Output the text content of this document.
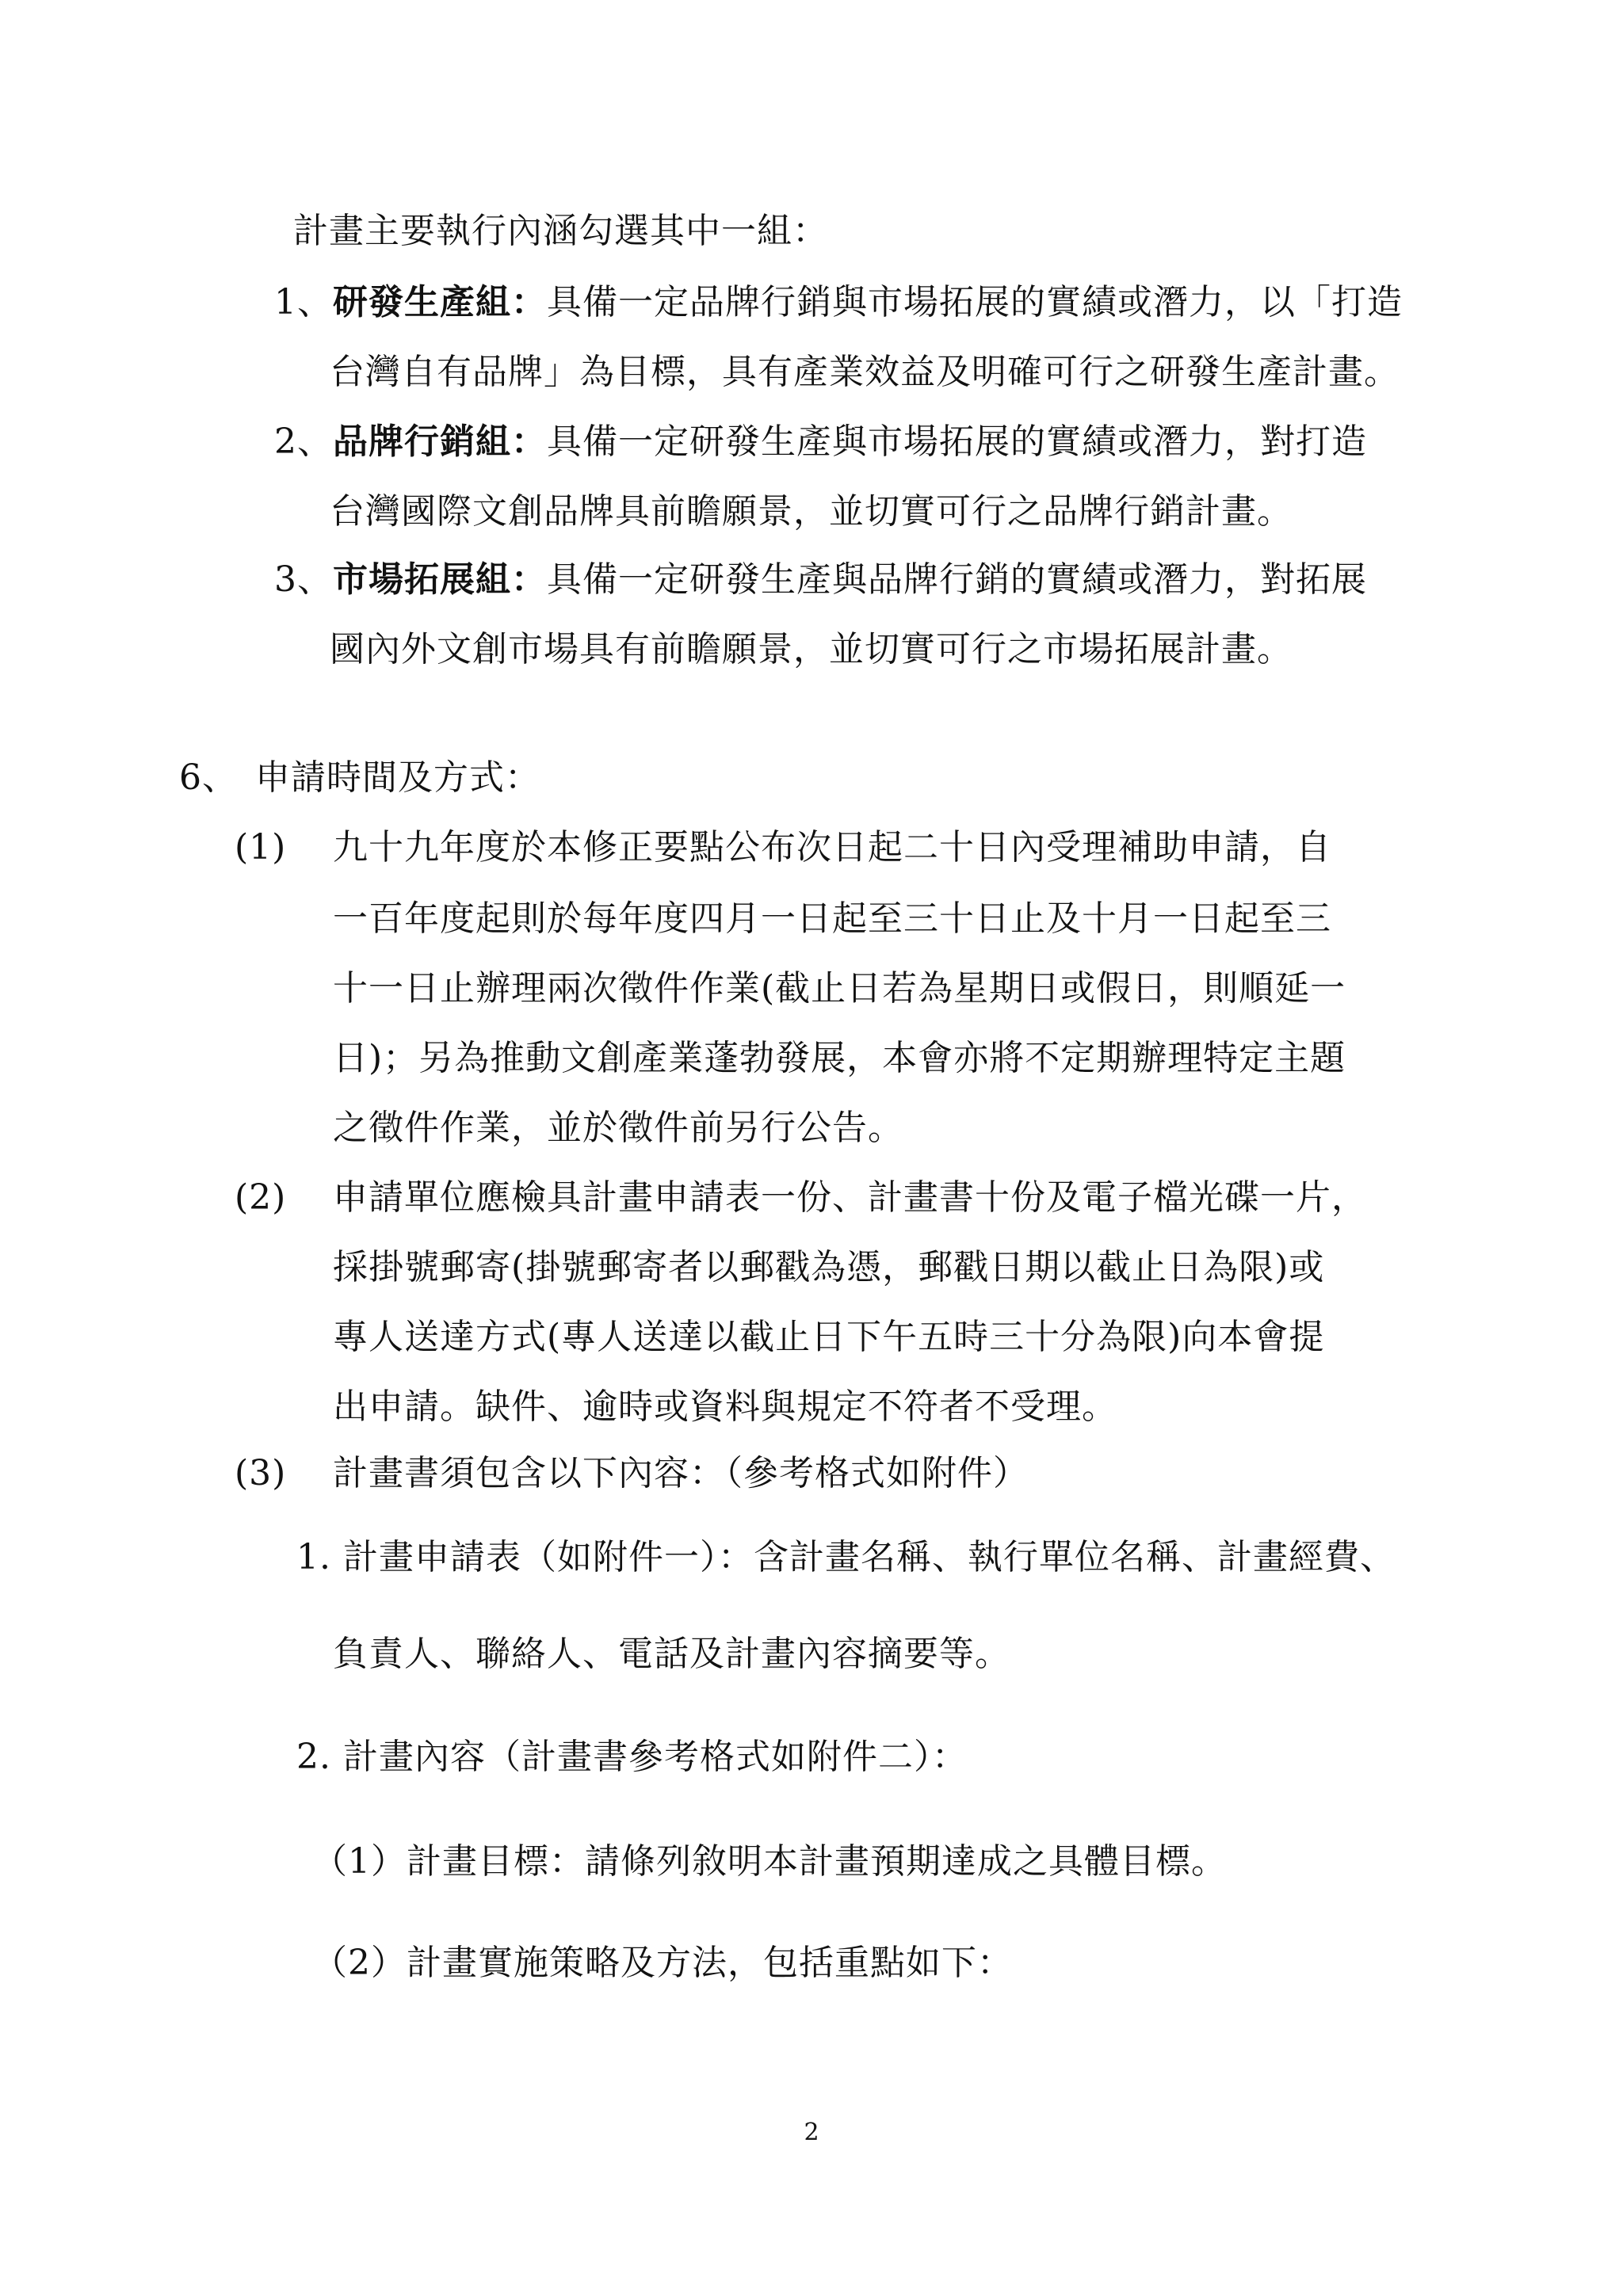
計畫主要執行內涵勾選其中一組：
1、研發生產組：具備一定品牌行銷與市場拓展的實績或潛力，以「打造
台灣自有品牌」為目標，具有產業效益及明確可行之研發生產計畫。
2、品牌行銷組：具備一定研發生產與市場拓展的實績或潛力，對打造
台灣國際文創品牌具前瞻願景，並切實可行之品牌行銷計畫。
3、市場拓展組：具備一定研發生產與品牌行銷的實績或潛力，對拓展
國內外文創市場具有前瞻願景，並切實可行之市場拓展計畫。
6、 申請時間及方式：
(1) 九十九年度於本修正要點公布次日起二十日內受理補助申請，自
一百年度起則於每年度四月一日起至三十日止及十月一日起至三
十一日止辦理兩次徵件作業(截止日若為星期日或假日，則順延一
日)；另為推動文創產業蓬勃發展，本會亦將不定期辦理特定主題
之徵件作業，並於徵件前另行公告。
(2) 申請單位應檢具計畫申請表一份、計畫書十份及電子檔光碟一片，
採掛號郵寄(掛號郵寄者以郵戳為憑，郵戳日期以截止日為限)或
專人送達方式(專人送達以截止日下午五時三十分為限)向本會提
出申請。缺件、逾時或資料與規定不符者不受理。
(3) 計畫書須包含以下內容：（參考格式如附件）
1. 計畫申請表（如附件一）：含計畫名稱、執行單位名稱、計畫經費、
負責人、聯絡人、電話及計畫內容摘要等。
2. 計畫內容（計畫書參考格式如附件二）：
（1）計畫目標：請條列敘明本計畫預期達成之具體目標。
（2）計畫實施策略及方法，包括重點如下：
2
